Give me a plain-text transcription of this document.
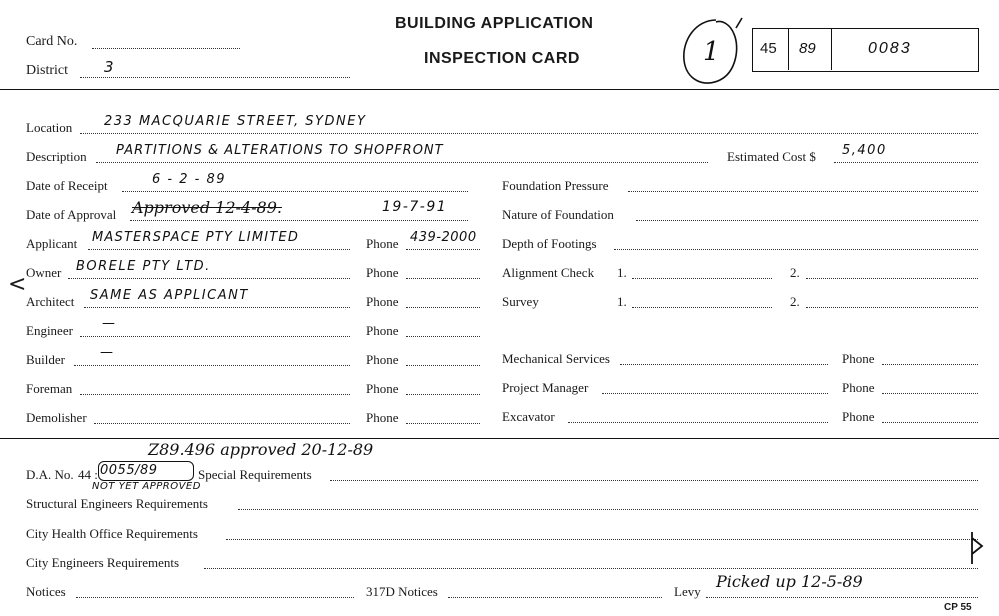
Card No.
District 3
BUILDING APPLICATION
INSPECTION CARD	1	45 89	0083
Location 233 MACQUARIE STREET, SYDNEY
Description PARTITIONS & ALTERATIONS TO SHOPFRONT	Estimated Cost $ 5,400
Date of Receipt	6 - 2 - 89
Date of Approval Approved 12-4-89.	19-7-91
Applicant MASTERSPACE PTY LIMITED	Phone 439-2000
< Owner BORELE PTY LTD.	Phone
Architect SAME AS APPLICANT	Phone
Engineer —	Phone
Builder	—	Phone
Foreman	Phone
Demolisher	Phone
Foundation Pressure
Nature of Foundation
Depth of Footings
Alignment Check 1.	2.
Survey	1.	2.
Mechanical Services	Phone
Project Manager	Phone
Excavator	Phone
Z89.496 approved 20-12-89
D.A. No. 44 : 0055/89
NOT YET APPROVED
Special Requirements
Structural Engineers Requirements
City Health Office Requirements
City Engineers Requirements
Notices	317D Notices	Levy
Picked up 12-5-89
CP 55
